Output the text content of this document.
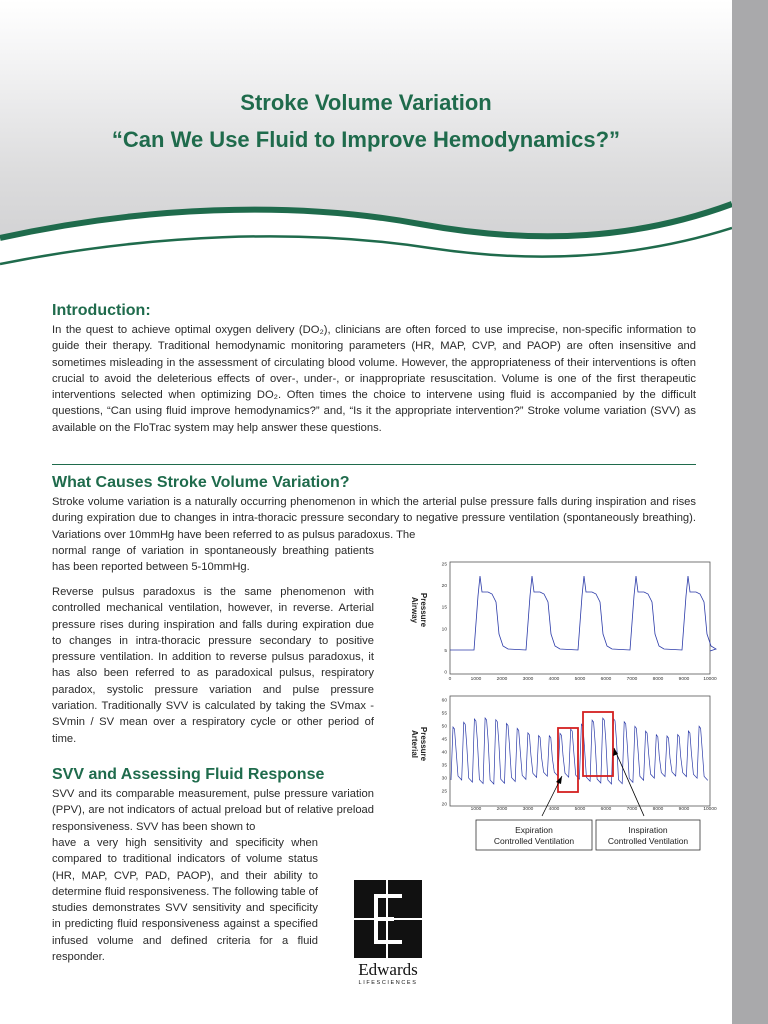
Stroke Volume Variation
“Can We Use Fluid to Improve Hemodynamics?”
Introduction:

In the quest to achieve optimal oxygen delivery (DO₂), clinicians are often forced to use imprecise, non-specific information to guide their therapy. Traditional hemodynamic monitoring parameters (HR, MAP, CVP, and PAOP) are often insensitive and sometimes misleading in the assessment of circulating blood volume. However, the appropriateness of their interventions is often crucial to avoid the deleterious effects of over-, under-, or inappropriate resuscitation. Volume is one of the first therapeutic interventions selected when optimizing DO₂. Often times the choice to intervene using fluid is accompanied by the difficult questions, “Can using fluid improve hemodynamics?” and, “Is it the appropriate intervention?” Stroke volume variation (SVV) as available on the FloTrac system may help answer these questions.

What Causes Stroke Volume Variation?

Stroke volume variation is a naturally occurring phenomenon in which the arterial pulse pressure falls during inspiration and rises during expiration due to changes in intra-thoracic pressure secondary to negative pressure ventilation (spontaneously breathing). Variations over 10mmHg have been referred to as pulsus paradoxus. The

normal range of variation in spontaneously breathing patients has been reported between 5-10mmHg.

Reverse pulsus paradoxus is the same phenomenon with controlled mechanical ventilation, however, in reverse. Arterial pressure rises during inspiration and falls during expiration due to changes in intra-thoracic pressure secondary to positive pressure ventilation. In addition to reverse pulsus paradoxus, it has also been referred to as paradoxical pulsus, respiratory paradox, systolic pressure variation and pulse pressure variation. Traditionally SVV is calculated by taking the SVmax - SVmin / SV mean over a respiratory cycle or other period of time.

SVV and Assessing Fluid Response

SVV and its comparable measurement, pulse pressure variation (PPV), are not indicators of actual preload but of relative preload responsiveness. SVV has been shown to

have a very high sensitivity and specificity when compared to traditional indicators of volume status (HR, MAP, CVP, PAD, PAOP), and their ability to determine fluid responsiveness. The following table of studies demonstrates SVV sensitivity and specificity in predicting fluid responsiveness against a specified infused volume and defined criteria for a fluid responder.

Airway Pressure
Arterial Pressure
25
20
15
10
5
0
0	1000	2000	3000	4000	5000	6000	7000	8000	9000	10000
60
55
50
45
40
35
30
25
20
1000	2000	3000	4000	5000	6000	7000	8000	9000	10000
Expiration
Controlled Ventilation
Inspiration
Controlled Ventilation
Edwards
LIFESCIENCES
